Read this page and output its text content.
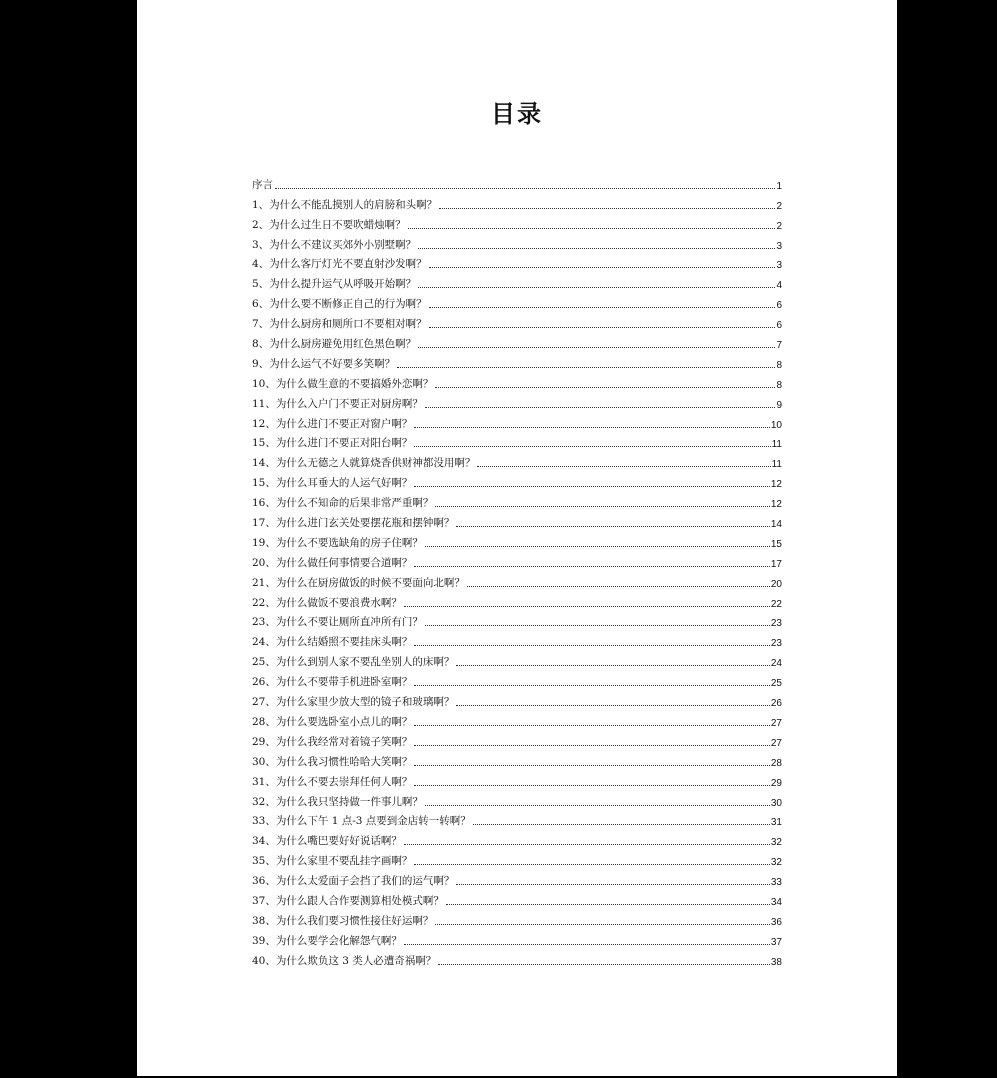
目录
序言	1
1、为什么不能乱摸别人的肩膀和头啊？	2
2、为什么过生日不要吹蜡烛啊？	2
3、为什么不建议买郊外小别墅啊？	3
4、为什么客厅灯光不要直射沙发啊？	3
5、为什么提升运气从呼吸开始啊？	4
6、为什么要不断修正自己的行为啊？	6
7、为什么厨房和厕所口不要相对啊？	6
8、为什么厨房避免用红色黑色啊？	7
9、为什么运气不好要多笑啊？	8
10、为什么做生意的不要搞婚外恋啊？	8
11、为什么入户门不要正对厨房啊？	9
12、为什么进门不要正对窗户啊？	10
15、为什么进门不要正对阳台啊？	11
14、为什么无德之人就算烧香供财神都没用啊？	11
15、为什么耳垂大的人运气好啊？	12
16、为什么不知命的后果非常严重啊？	12
17、为什么进门玄关处要摆花瓶和摆钟啊？	14
19、为什么不要选缺角的房子住啊？	15
20、为什么做任何事情要合道啊？	17
21、为什么在厨房做饭的时候不要面向北啊？	20
22、为什么做饭不要浪费水啊？	22
23、为什么不要让厕所直冲所有门？	23
24、为什么结婚照不要挂床头啊？	23
25、为什么到别人家不要乱坐别人的床啊？	24
26、为什么不要带手机进卧室啊？	25
27、为什么家里少放大型的镜子和玻璃啊？	26
28、为什么要选卧室小点儿的啊？	27
29、为什么我经常对着镜子笑啊？	27
30、为什么我习惯性哈哈大笑啊？	28
31、为什么不要去崇拜任何人啊？	29
32、为什么我只坚持做一件事儿啊？	30
33、为什么下午 1 点-3 点要到金店转一转啊？	31
34、为什么嘴巴要好好说话啊？	32
35、为什么家里不要乱挂字画啊？	32
36、为什么太爱面子会挡了我们的运气啊？	33
37、为什么跟人合作要测算相处模式啊？	34
38、为什么我们要习惯性接住好运啊？	36
39、为什么要学会化解怨气啊？	37
40、为什么欺负这 3 类人必遭奇祸啊？	38
